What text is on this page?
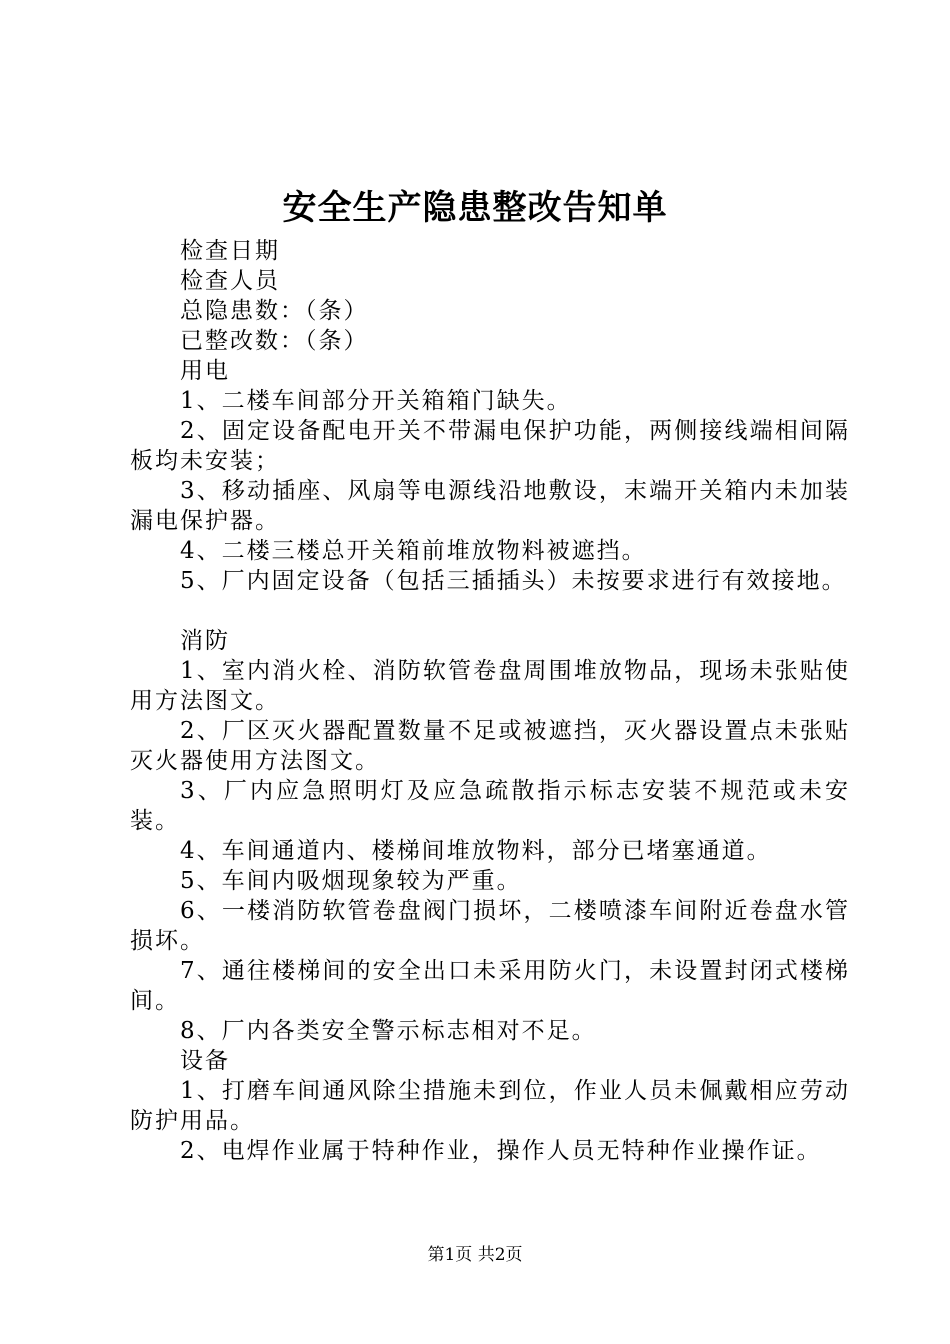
安全生产隐患整改告知单

检查日期

检查人员

总隐患数：（条）

已整改数：（条）

用电

1、二楼车间部分开关箱箱门缺失。

2、固定设备配电开关不带漏电保护功能，两侧接线端相间隔板均未安装；

3、移动插座、风扇等电源线沿地敷设，末端开关箱内未加装漏电保护器。

4、二楼三楼总开关箱前堆放物料被遮挡。

5、厂内固定设备（包括三插插头）未按要求进行有效接地。

消防

1、室内消火栓、消防软管卷盘周围堆放物品，现场未张贴使用方法图文。

2、厂区灭火器配置数量不足或被遮挡，灭火器设置点未张贴灭火器使用方法图文。

3、厂内应急照明灯及应急疏散指示标志安装不规范或未安装。

4、车间通道内、楼梯间堆放物料，部分已堵塞通道。

5、车间内吸烟现象较为严重。

6、一楼消防软管卷盘阀门损坏，二楼喷漆车间附近卷盘水管损坏。

7、通往楼梯间的安全出口未采用防火门，未设置封闭式楼梯间。

8、厂内各类安全警示标志相对不足。

设备

1、打磨车间通风除尘措施未到位，作业人员未佩戴相应劳动防护用品。

2、电焊作业属于特种作业，操作人员无特种作业操作证。

第1页 共2页
